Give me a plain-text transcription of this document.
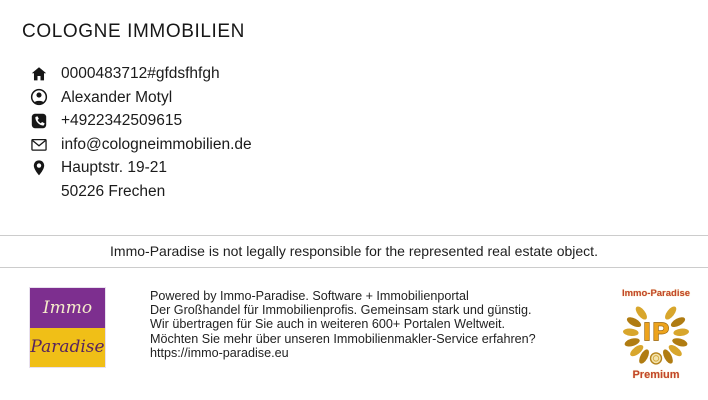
COLOGNE IMMOBILIEN
0000483712#gfdsfhfgh
Alexander Motyl
+4922342509615
info@cologneimmobilien.de
Hauptstr. 19-21
50226 Frechen
Immo-Paradise is not legally responsible for the represented real estate object.
Immo
Paradise
Powered by Immo-Paradise. Software + Immobilienportal
Der Großhandel für Immobilienprofis. Gemeinsam stark und günstig.
Wir übertragen für Sie auch in weiteren 600+ Portalen Weltweit.
Möchten Sie mehr über unseren Immobilienmakler-Service erfahren?
https://immo-paradise.eu
Immo-Paradise
IP
Premium
